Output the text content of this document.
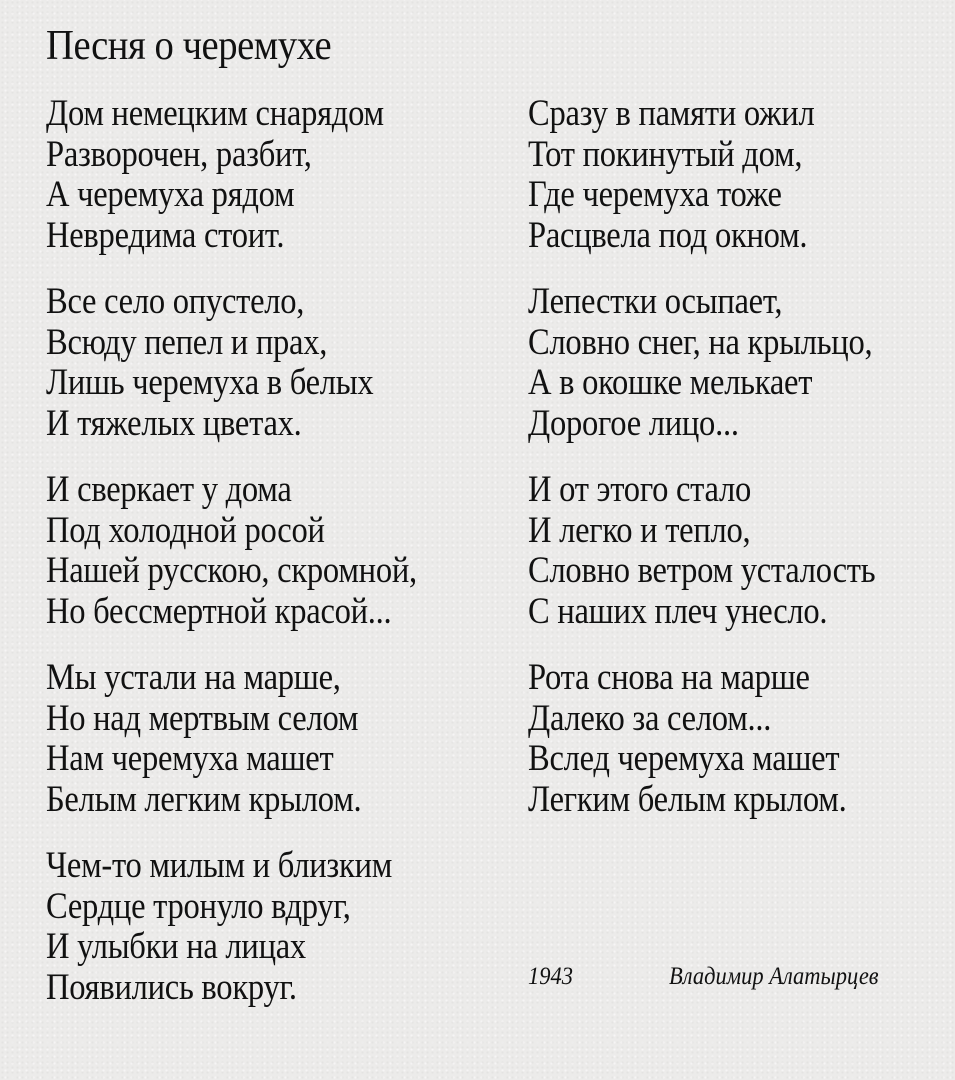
Песня о черемухе
Дом немецким снарядом
Разворочен, разбит,
А черемуха рядом
Невредима стоит.
Все село опустело,
Всюду пепел и прах,
Лишь черемуха в белых
И тяжелых цветах.
И сверкает у дома
Под холодной росой
Нашей русскою, скромной,
Но бессмертной красой...
Мы устали на марше,
Но над мертвым селом
Нам черемуха машет
Белым легким крылом.
Чем-то милым и близким
Сердце тронуло вдруг,
И улыбки на лицах
Появились вокруг.
Сразу в памяти ожил
Тот покинутый дом,
Где черемуха тоже
Расцвела под окном.
Лепестки осыпает,
Словно снег, на крыльцо,
А в окошке мелькает
Дорогое лицо...
И от этого стало
И легко и тепло,
Словно ветром усталость
С наших плеч унесло.
Рота снова на марше
Далеко за селом...
Вслед черемуха машет
Легким белым крылом.
1943	Владимир Алатырцев
